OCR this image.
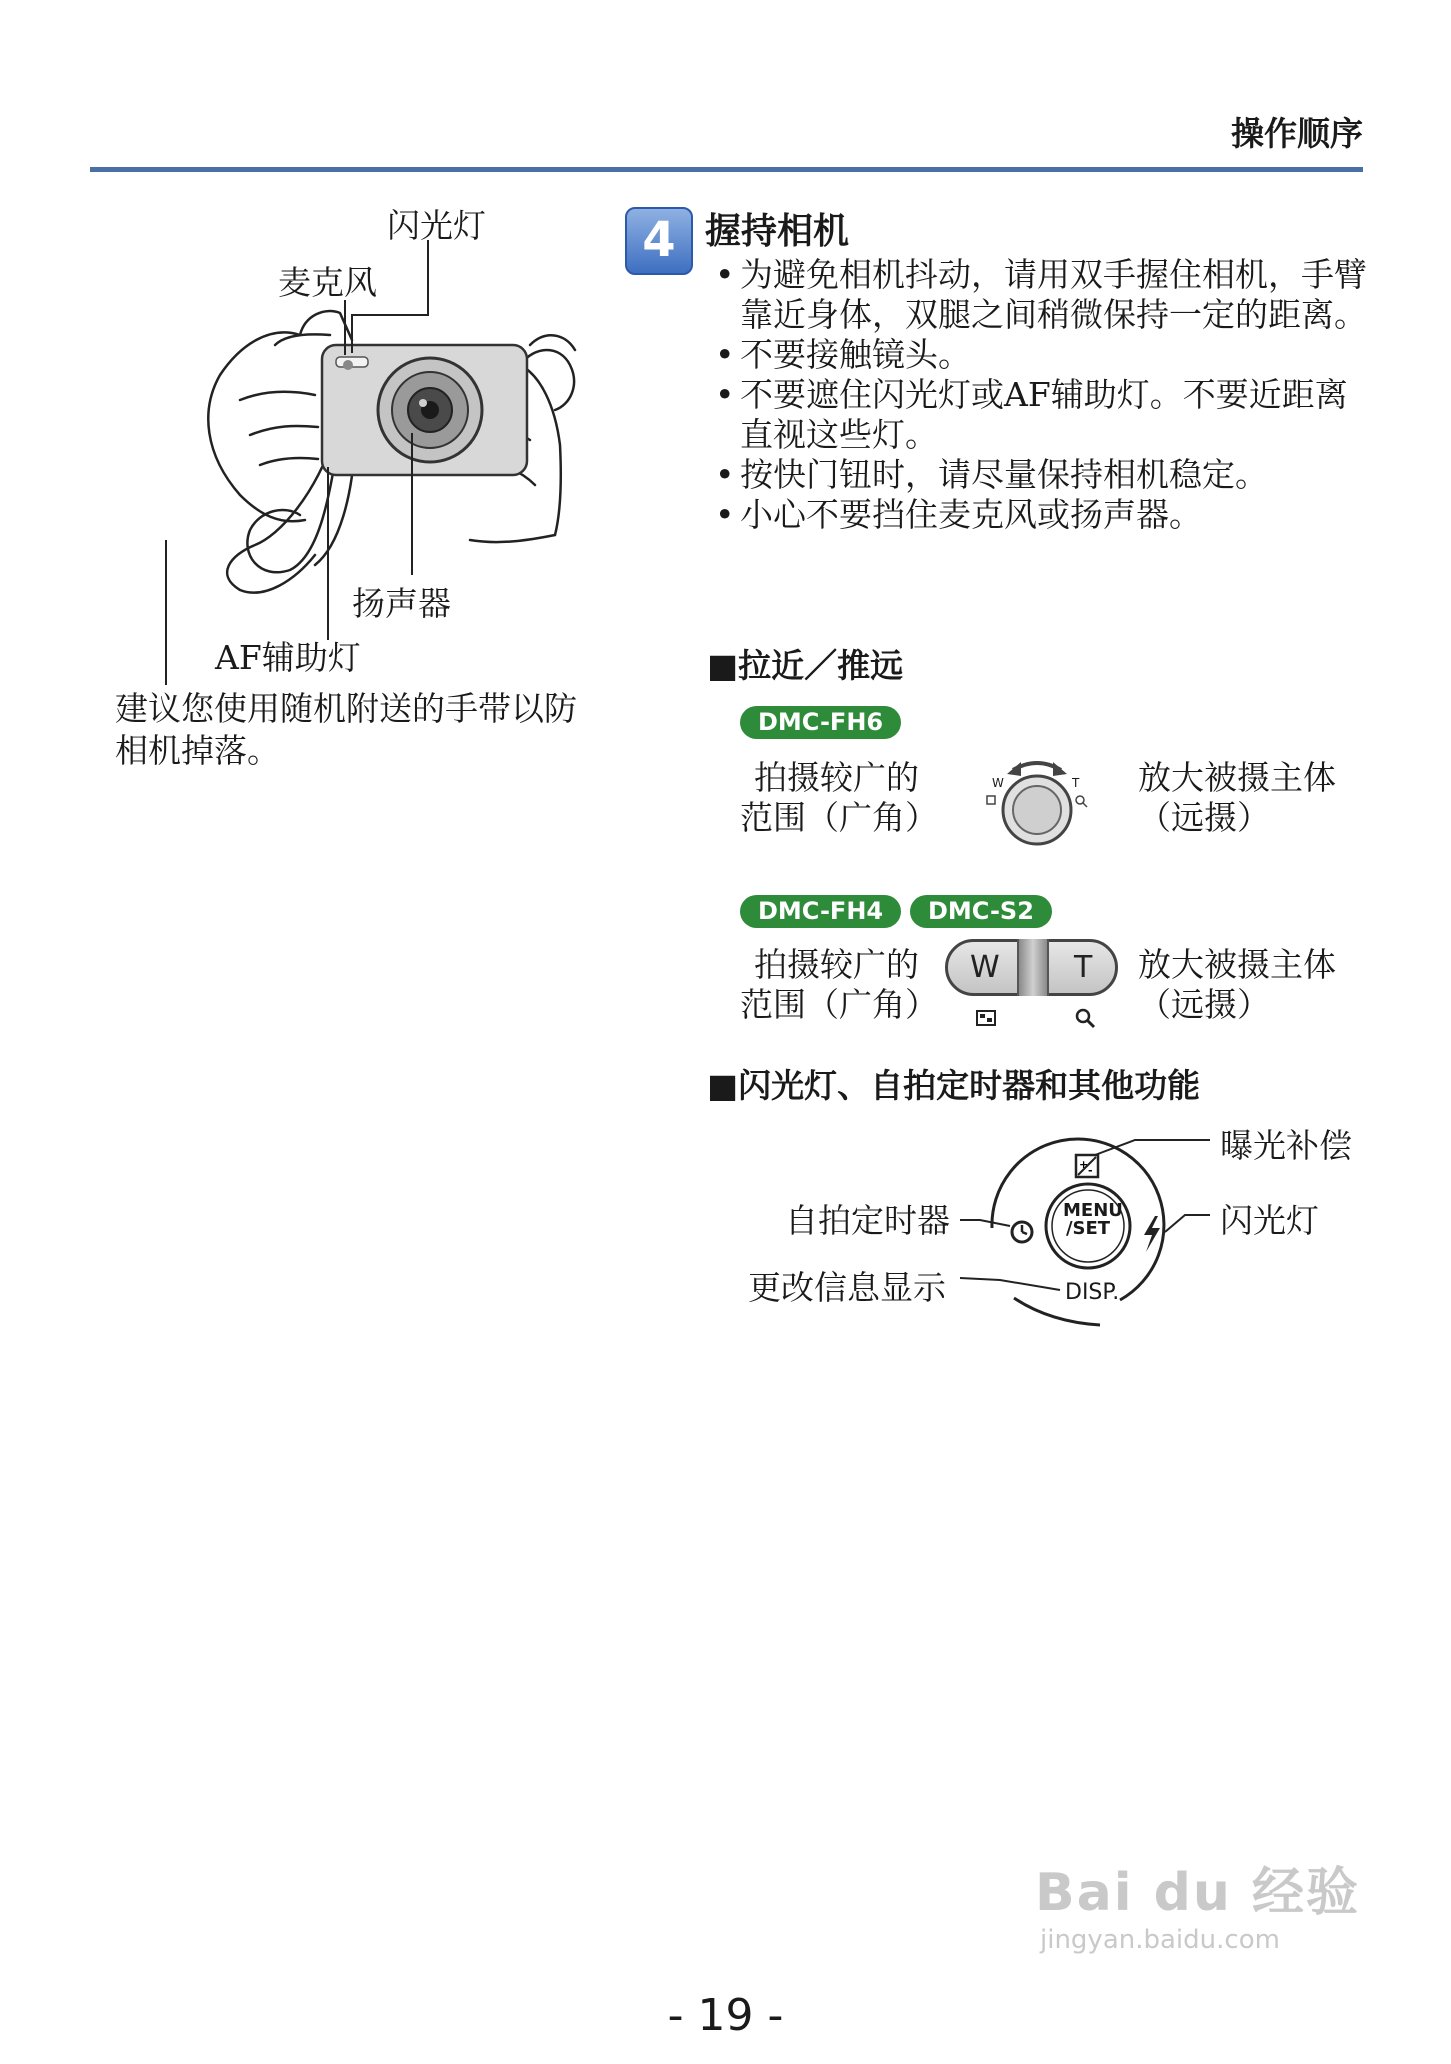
操作顺序
闪光灯
麦克风
扬声器
AF辅助灯
建议您使用随机附送的手带以防相机掉落。
4 握持相机
• 为避免相机抖动，请用双手握住相机，手臂靠近身体，双腿之间稍微保持一定的距离。
• 不要接触镜头。
• 不要遮住闪光灯或AF辅助灯。不要近距离直视这些灯。
• 按快门钮时，请尽量保持相机稳定。
• 小心不要挡住麦克风或扬声器。
■拉近／推远
DMC-FH6
拍摄较广的范围（广角）
W	T 放大被摄主体（远摄）
DMC-FH4	DMC-S2
拍摄较广的范围（广角）
W T 放大被摄主体（远摄）
■闪光灯、自拍定时器和其他功能
+ -
MENU
/SET
DISP.
曝光补偿
自拍定时器	闪光灯
更改信息显示
Bai du 经验
jingyan.baidu.com
- 19 -
